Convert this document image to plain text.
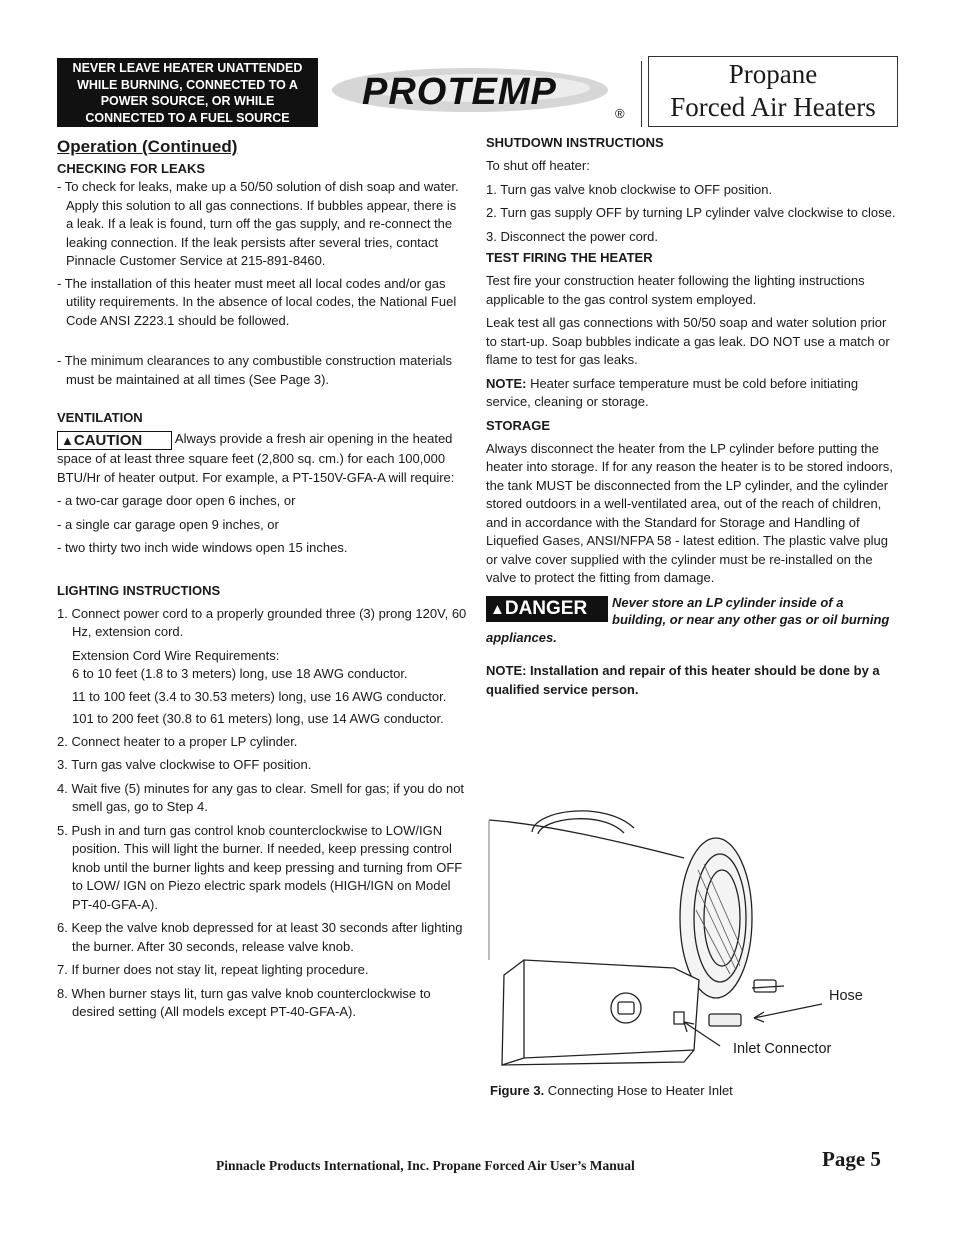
NEVER LEAVE HEATER UNATTENDED
WHILE BURNING, CONNECTED TO A
POWER SOURCE, OR WHILE
CONNECTED TO A FUEL SOURCE
PROTEMP
®
Propane
Forced Air Heaters
Operation (Continued)
CHECKING FOR LEAKS

- To check for leaks, make up a 50/50 solution of dish soap and water. Apply this solution to all gas connections. If bubbles appear, there is a leak. If a leak is found, turn off the gas supply, and re-connect the leaking connection. If the leak persists after several tries, contact Pinnacle Customer Service at 215-891-8460.

- The installation of this heater must meet all local codes and/or gas utility requirements. In the absence of local codes, the National Fuel Code ANSI Z223.1 should be followed.

- The minimum clearances to any combustible construction materials must be maintained at all times (See Page 3).

VENTILATION

▲CAUTION Always provide a fresh air opening in the heated space of at least three square feet (2,800 sq. cm.) for each 100,000 BTU/Hr of heater output. For example, a PT-150V-GFA-A will require:

- a two-car garage door open 6 inches, or

- a single car garage open 9 inches, or

- two thirty two inch wide windows open 15 inches.

LIGHTING INSTRUCTIONS

1. Connect power cord to a properly grounded three (3) prong 120V, 60 Hz, extension cord.

Extension Cord Wire Requirements:
6 to 10 feet (1.8 to 3 meters) long, use 18 AWG conductor.

11 to 100 feet (3.4 to 30.53 meters) long, use 16 AWG conductor.

101 to 200 feet (30.8 to 61 meters) long, use 14 AWG conductor.

2. Connect heater to a proper LP cylinder.

3. Turn gas valve clockwise to OFF position.

4. Wait five (5) minutes for any gas to clear. Smell for gas; if you do not smell gas, go to Step 4.

5. Push in and turn gas control knob counterclockwise to LOW/IGN position. This will light the burner. If needed, keep pressing control knob until the burner lights and keep pressing and turning from OFF to LOW/ IGN on Piezo electric spark models (HIGH/IGN on Model PT-40-GFA-A).

6. Keep the valve knob depressed for at least 30 seconds after lighting the burner. After 30 seconds, release valve knob.

7. If burner does not stay lit, repeat lighting procedure.

8. When burner stays lit, turn gas valve knob counterclockwise to desired setting (All models except PT-40-GFA-A).

SHUTDOWN INSTRUCTIONS

To shut off heater:

1. Turn gas valve knob clockwise to OFF position.

2. Turn gas supply OFF by turning LP cylinder valve clockwise to close.

3. Disconnect the power cord.

TEST FIRING THE HEATER

Test fire your construction heater following the lighting instructions applicable to the gas control system employed.

Leak test all gas connections with 50/50 soap and water solution prior to start-up. Soap bubbles indicate a gas leak. DO NOT use a match or flame to test for gas leaks.

NOTE: Heater surface temperature must be cold before initiating service, cleaning or storage.

STORAGE

Always disconnect the heater from the LP cylinder before putting the heater into storage. If for any reason the heater is to be stored indoors, the tank MUST be disconnected from the LP cylinder, and the cylinder stored outdoors in a well-ventilated area, out of the reach of children, and in accordance with the Standard for Storage and Handling of Liquefied Gases, ANSI/NFPA 58 - latest edition. The plastic valve plug or valve cover supplied with the cylinder must be re-installed on the valve to protect the fitting from damage.

▲DANGER	Never store an LP cylinder inside of a building, or near any other gas or oil burning appliances.

NOTE: Installation and repair of this heater should be done by a qualified service person.

Hose
Inlet Connector
Figure 3. Connecting Hose to Heater Inlet
Pinnacle Products International, Inc. Propane Forced Air User’s Manual	Page 5
